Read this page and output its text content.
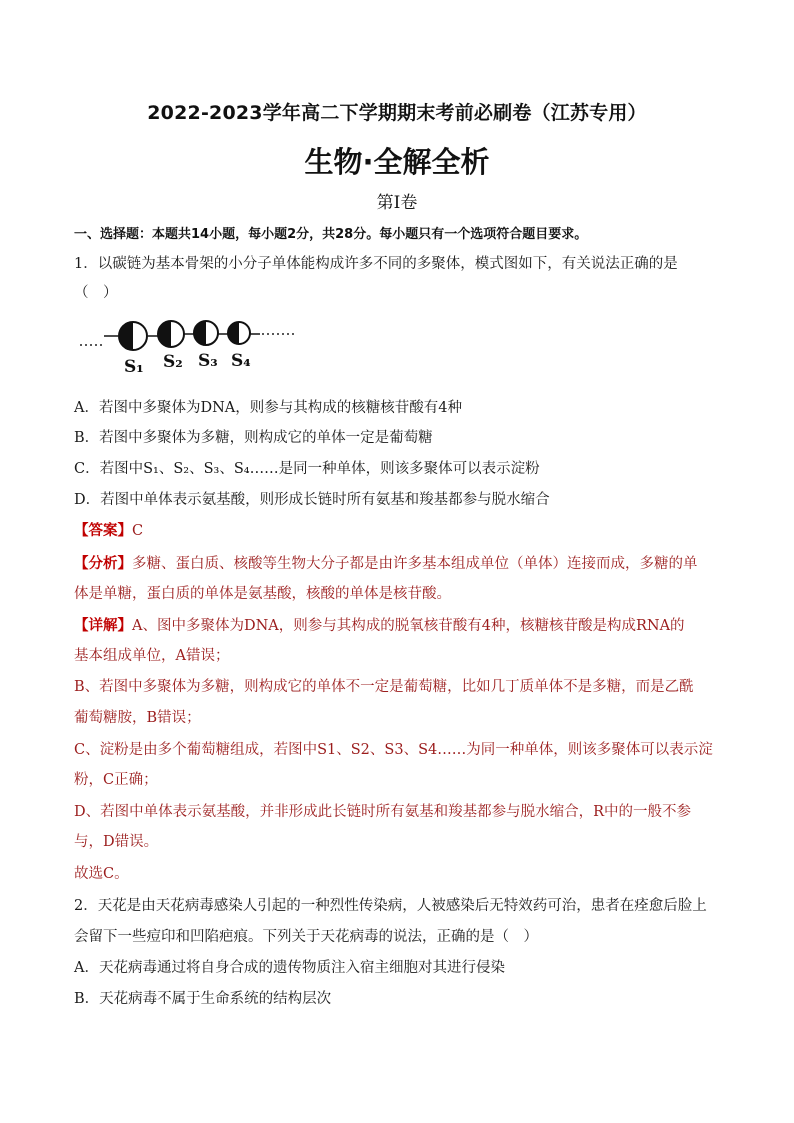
2022-2023学年高二下学期期末考前必刷卷（江苏专用）
生物·全解全析
第Ⅰ卷
一、选择题：本题共14小题，每小题2分，共28分。每小题只有一个选项符合题目要求。
1．以碳链为基本骨架的小分子单体能构成许多不同的多聚体，模式图如下，有关说法正确的是
（　）
S₁ S₂ S₃ S₄
A．若图中多聚体为DNA，则参与其构成的核糖核苷酸有4种
B．若图中多聚体为多糖，则构成它的单体一定是葡萄糖
C．若图中S₁、S₂、S₃、S₄……是同一种单体，则该多聚体可以表示淀粉
D．若图中单体表示氨基酸，则形成长链时所有氨基和羧基都参与脱水缩合
【答案】C
【分析】多糖、蛋白质、核酸等生物大分子都是由许多基本组成单位（单体）连接而成，多糖的单
体是单糖，蛋白质的单体是氨基酸，核酸的单体是核苷酸。
【详解】A、图中多聚体为DNA，则参与其构成的脱氧核苷酸有4种，核糖核苷酸是构成RNA的
基本组成单位，A错误；
B、若图中多聚体为多糖，则构成它的单体不一定是葡萄糖，比如几丁质单体不是多糖，而是乙酰
葡萄糖胺，B错误；
C、淀粉是由多个葡萄糖组成，若图中S1、S2、S3、S4……为同一种单体，则该多聚体可以表示淀
粉，C正确；
D、若图中单体表示氨基酸，并非形成此长链时所有氨基和羧基都参与脱水缩合，R中的一般不参
与，D错误。
故选C。
2．天花是由天花病毒感染人引起的一种烈性传染病，人被感染后无特效药可治，患者在痊愈后脸上
会留下一些痘印和凹陷疤痕。下列关于天花病毒的说法，正确的是（　）
A．天花病毒通过将自身合成的遗传物质注入宿主细胞对其进行侵染
B．天花病毒不属于生命系统的结构层次
